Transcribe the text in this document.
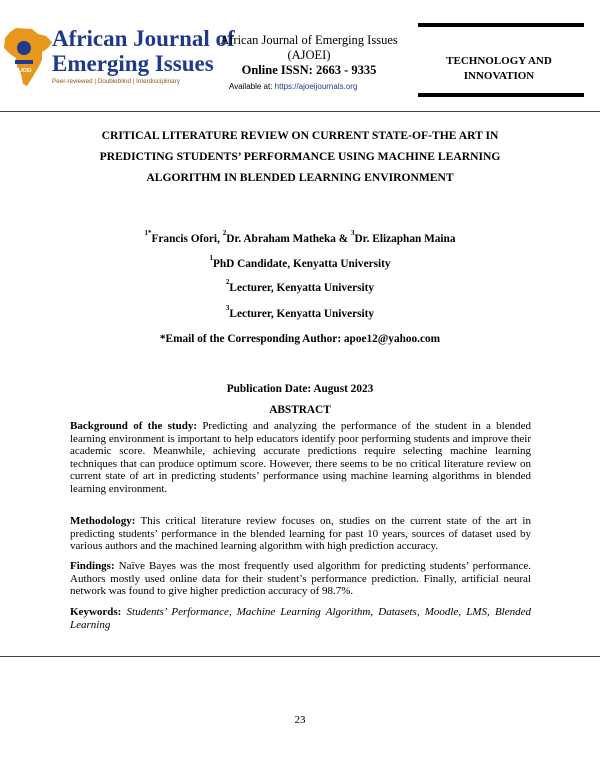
AJOEI
African Journal of
Emerging Issues
Peer-reviewed | Doubleblind | Interdisciplinary
African Journal of Emerging Issues
(AJOEI)
Online ISSN: 2663 - 9335
Available at: https://ajoeijournals.org
TECHNOLOGY AND
INNOVATION
CRITICAL LITERATURE REVIEW ON CURRENT STATE-OF-THE ART IN
PREDICTING STUDENTS’ PERFORMANCE USING MACHINE LEARNING
ALGORITHM IN BLENDED LEARNING ENVIRONMENT
$^{1*}$Francis Ofori, $^2$Dr. Abraham Matheka & $^3$Dr. Elizaphan Maina
$^1$PhD Candidate, Kenyatta University
$^2$Lecturer, Kenyatta University
$^3$Lecturer, Kenyatta University
*Email of the Corresponding Author: apoe12@yahoo.com
Publication Date: August 2023
ABSTRACT
Background of the study: Predicting and analyzing the performance of the student in a blended learning environment is important to help educators identify poor performing students and improve their academic score. Meanwhile, achieving accurate predictions require selecting machine learning techniques that can produce optimum score. However, there seems to be no critical literature review on current state of art in predicting students’ performance using machine learning algorithms in blended learning environment.
Methodology: This critical literature review focuses on, studies on the current state of the art in predicting students’ performance in the blended learning for past 10 years, sources of dataset used by various authors and the machined learning algorithm with high prediction accuracy.
Findings: Naïve Bayes was the most frequently used algorithm for predicting students’ performance. Authors mostly used online data for their student’s performance prediction. Finally, artificial neural network was found to give higher prediction accuracy of 98.7%.
Keywords: Students’ Performance, Machine Learning Algorithm, Datasets, Moodle, LMS, Blended Learning
23
